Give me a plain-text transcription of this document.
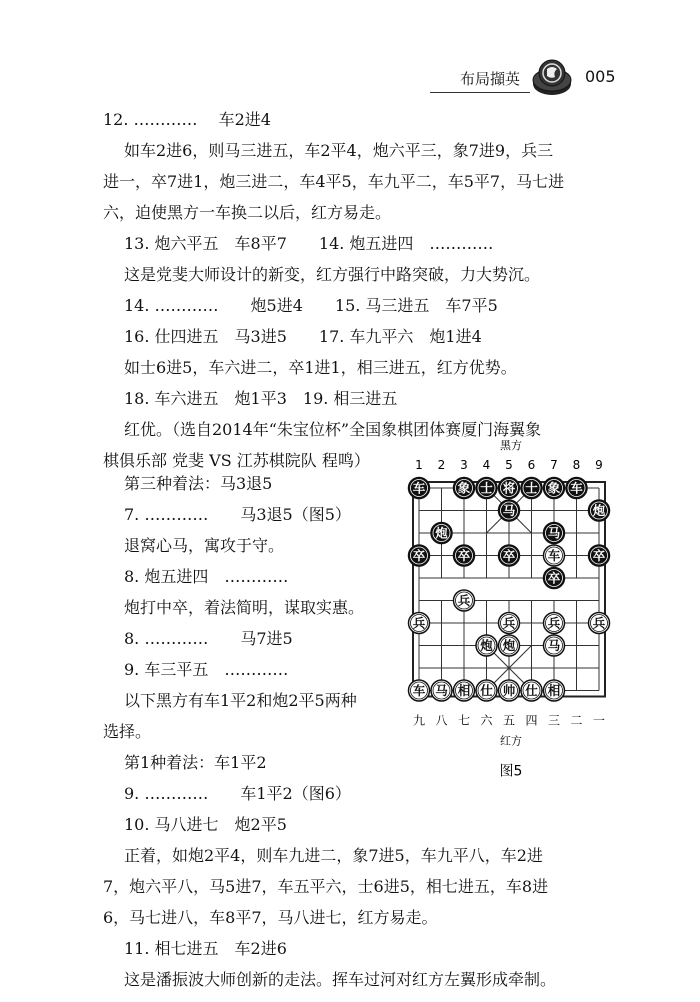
布局擷英	005
12. ………… 　车2进4
如车2进6，则马三进五，车2平4，炮六平三，象7进9，兵三
进一，卒7进1，炮三进二，车4平5，车九平二，车5平7，马七进
六，迫使黑方一车换二以后，红方易走。
13. 炮六平五　车8平7　　14. 炮五进四　…………
这是党斐大师设计的新变，红方强行中路突破，力大势沉。
14. …………　　炮5进4　　15. 马三进五　车7平5
16. 仕四进五　马3进5　　17. 车九平六　炮1进4
如士6进5，车六进二，卒1进1，相三进五，红方优势。
18. 车六进五　炮1平3　19. 相三进五
红优。（选自2014年“朱宝位杯”全国象棋团体赛厦门海翼象
棋俱乐部 党斐 VS 江苏棋院队 程鸣）
第三种着法：马3退5
7. …………　　马3退5（图5）
退窝心马，寓攻于守。
8. 炮五进四　…………
炮打中卒，着法简明，谋取实惠。
8. …………　　马7进5
9. 车三平五　…………
以下黑方有车1平2和炮2平5两种
选择。
第1种着法：车1平2
9. …………　　车1平2（图6）
10. 马八进七　炮2平5
正着，如炮2平4，则车九进二，象7进5，车九平八，车2进
7，炮六平八，马5进7，车五平六，士6进5，相七进五，车8进
6，马七进八，车8平7，马八进七，红方易走。
11. 相七进五　车2进6
这是潘振波大师创新的走法。挥车过河对红方左翼形成牵制。
黑方
1 2 3 4 5 6 7 8 9
车	象 士 将 士 象 车
马	炮
炮	马
卒	卒	卒	车	卒
卒
兵
兵	兵	兵	兵
炮 炮	马
车 马 相 仕 帅 仕 相
九 八 七 六 五 四 三 二 一
红方
图5
